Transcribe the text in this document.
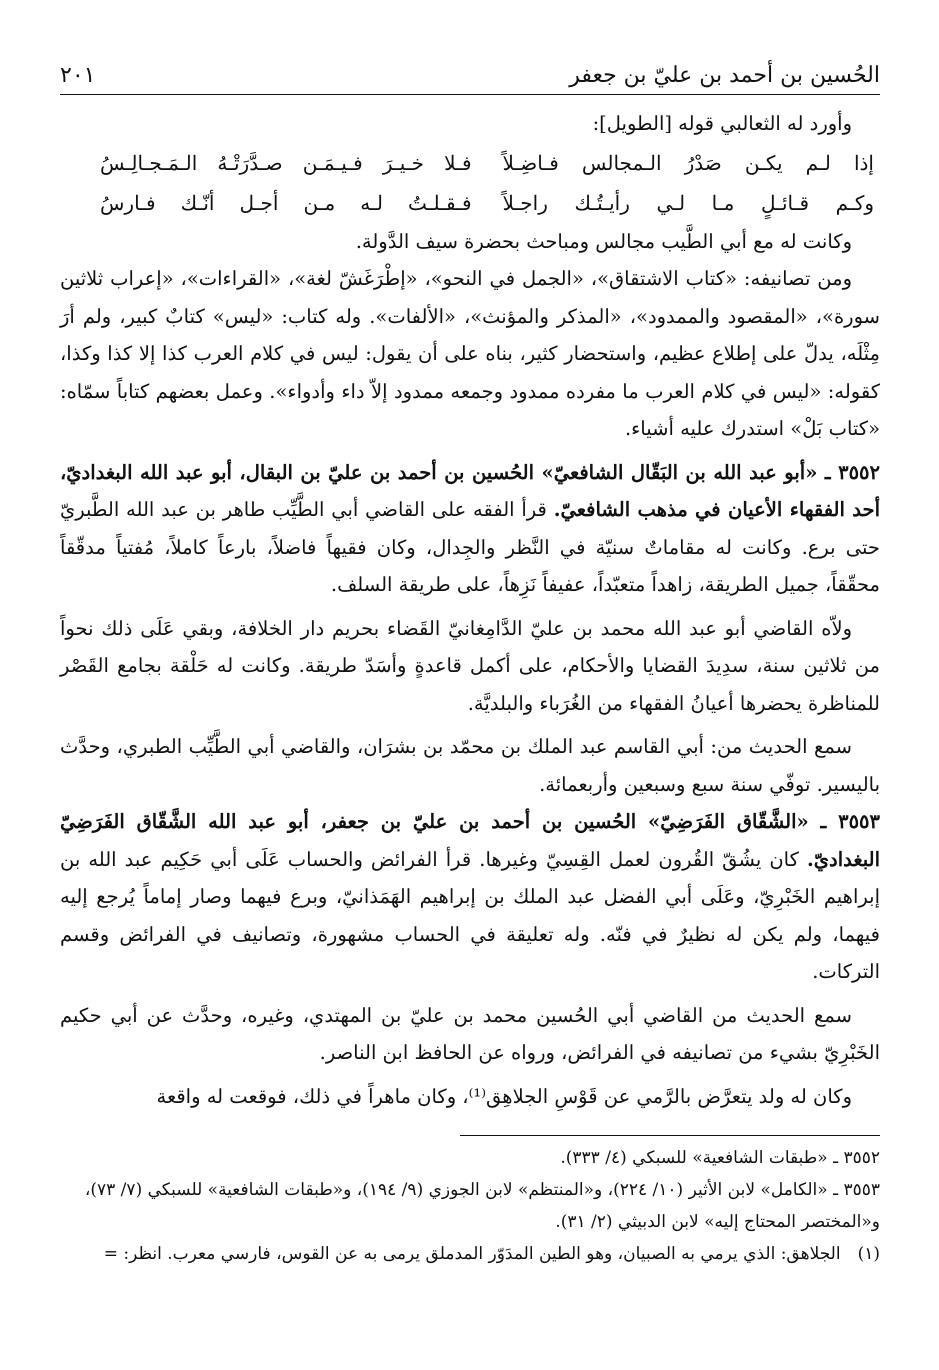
الحُسين بن أحمد بن عليّ بن جعفر
٢٠١

وأورد له الثعالبي قوله [الطويل]:

إذا لـم يكـن صَدْرُ الـمجالس فـاضِـلاً
فـلا خـيـرَ فـيـمَـن صـدَّرَتْـهُ الـمَـجـالِـسُ
وكـم قـائـلٍ مـا لـي رأيـتُـك راجـلاً
فـقـلـتُ لـه مـن أجـل أنّـك فـارسُ

وكانت له مع أبي الطَّيب مجالس ومباحث بحضرة سيف الدَّولة.

ومن تصانيفه: «كتاب الاشتقاق»، «الجمل في النحو»، «إطْرَغَشّ لغة»، «القراءات»، «إعراب ثلاثين سورة»، «المقصود والممدود»، «المذكر والمؤنث»، «الألفات». وله كتاب: «ليس» كتابٌ كبير، ولم أرَ مِثْلَه، يدلّ على إطلاع عظيم، واستحضار كثير، بناه على أن يقول: ليس في كلام العرب كذا إلا كذا وكذا، كقوله: «ليس في كلام العرب ما مفرده ممدود وجمعه ممدود إلاّ داء وأدواء». وعمل بعضهم كتاباً سمّاه: «كتاب بَلْ» استدرك عليه أشياء.

٣٥٥٢ ـ «أبو عبد الله بن البَقّال الشافعيّ» الحُسين بن أحمد بن عليّ بن البقال، أبو عبد الله البغداديّ، أحد الفقهاء الأعيان في مذهب الشافعيّ. قرأ الفقه على القاضي أبي الطَّيِّب طاهر بن عبد الله الطَّبريّ حتى برع. وكانت له مقاماتٌ سنيّة في النَّظر والجِدال، وكان فقيهاً فاضلاً، بارعاً كاملاً، مُفتياً مدقّقاً محقّقاً، جميل الطريقة، زاهداً متعبّداً، عفيفاً نَزِهاً، على طريقة السلف.

ولاّه القاضي أبو عبد الله محمد بن عليّ الدَّامِغانيّ القَضاء بحريم دار الخلافة، وبقي عَلَى ذلك نحواً من ثلاثين سنة، سدِيدَ القضايا والأحكام، على أكمل قاعدةٍ وأسَدّ طريقة. وكانت له حَلْقة بجامع القَصْر للمناظرة يحضرها أعيانُ الفقهاء من الغُرَباء والبلديَّة.

سمع الحديث من: أبي القاسم عبد الملك بن محمّد بن بشرَان، والقاضي أبي الطَّيِّب الطبري، وحدَّث باليسير. توفّي سنة سبع وسبعين وأربعمائة.

٣٥٥٣ ـ «الشَّقّاق الفَرَضِيّ» الحُسين بن أحمد بن عليّ بن جعفر، أبو عبد الله الشَّقّاق الفَرَضِيّ البغداديّ. كان يشُقّ القُرون لعمل القِسِيّ وغيرها. قرأ الفرائض والحساب عَلَى أبي حَكِيم عبد الله بن إبراهيم الخَبْرِيّ، وعَلَى أبي الفضل عبد الملك بن إبراهيم الهَمَذانيّ، وبرع فيهما وصار إماماً يُرجع إليه فيهما، ولم يكن له نظيرٌ في فنّه. وله تعليقة في الحساب مشهورة، وتصانيف في الفرائض وقسم التركات.

سمع الحديث من القاضي أبي الحُسين محمد بن عليّ بن المهتدي، وغيره، وحدَّث عن أبي حكيم الخَبْرِيّ بشيء من تصانيفه في الفرائض، ورواه عن الحافظ ابن الناصر.

وكان له ولد يتعرَّض بالرَّمي عن قَوْسِ الجلاهِق⁽¹⁾، وكان ماهراً في ذلك، فوقعت له واقعة

٣٥٥٢ ـ «طبقات الشافعية» للسبكي (٤/ ٣٣٣).

٣٥٥٣ ـ «الكامل» لابن الأثير (١٠/ ٢٢٤)، و«المنتظم» لابن الجوزي (٩/ ١٩٤)، و«طبقات الشافعية» للسبكي (٧/ ٧٣)، و«المختصر المحتاج إليه» لابن الدبيثي (٢/ ٣١).

(١) الجلاهق: الذي يرمي به الصبيان، وهو الطين المدَوّر المدملق يرمى به عن القوس، فارسي معرب. انظر: =
